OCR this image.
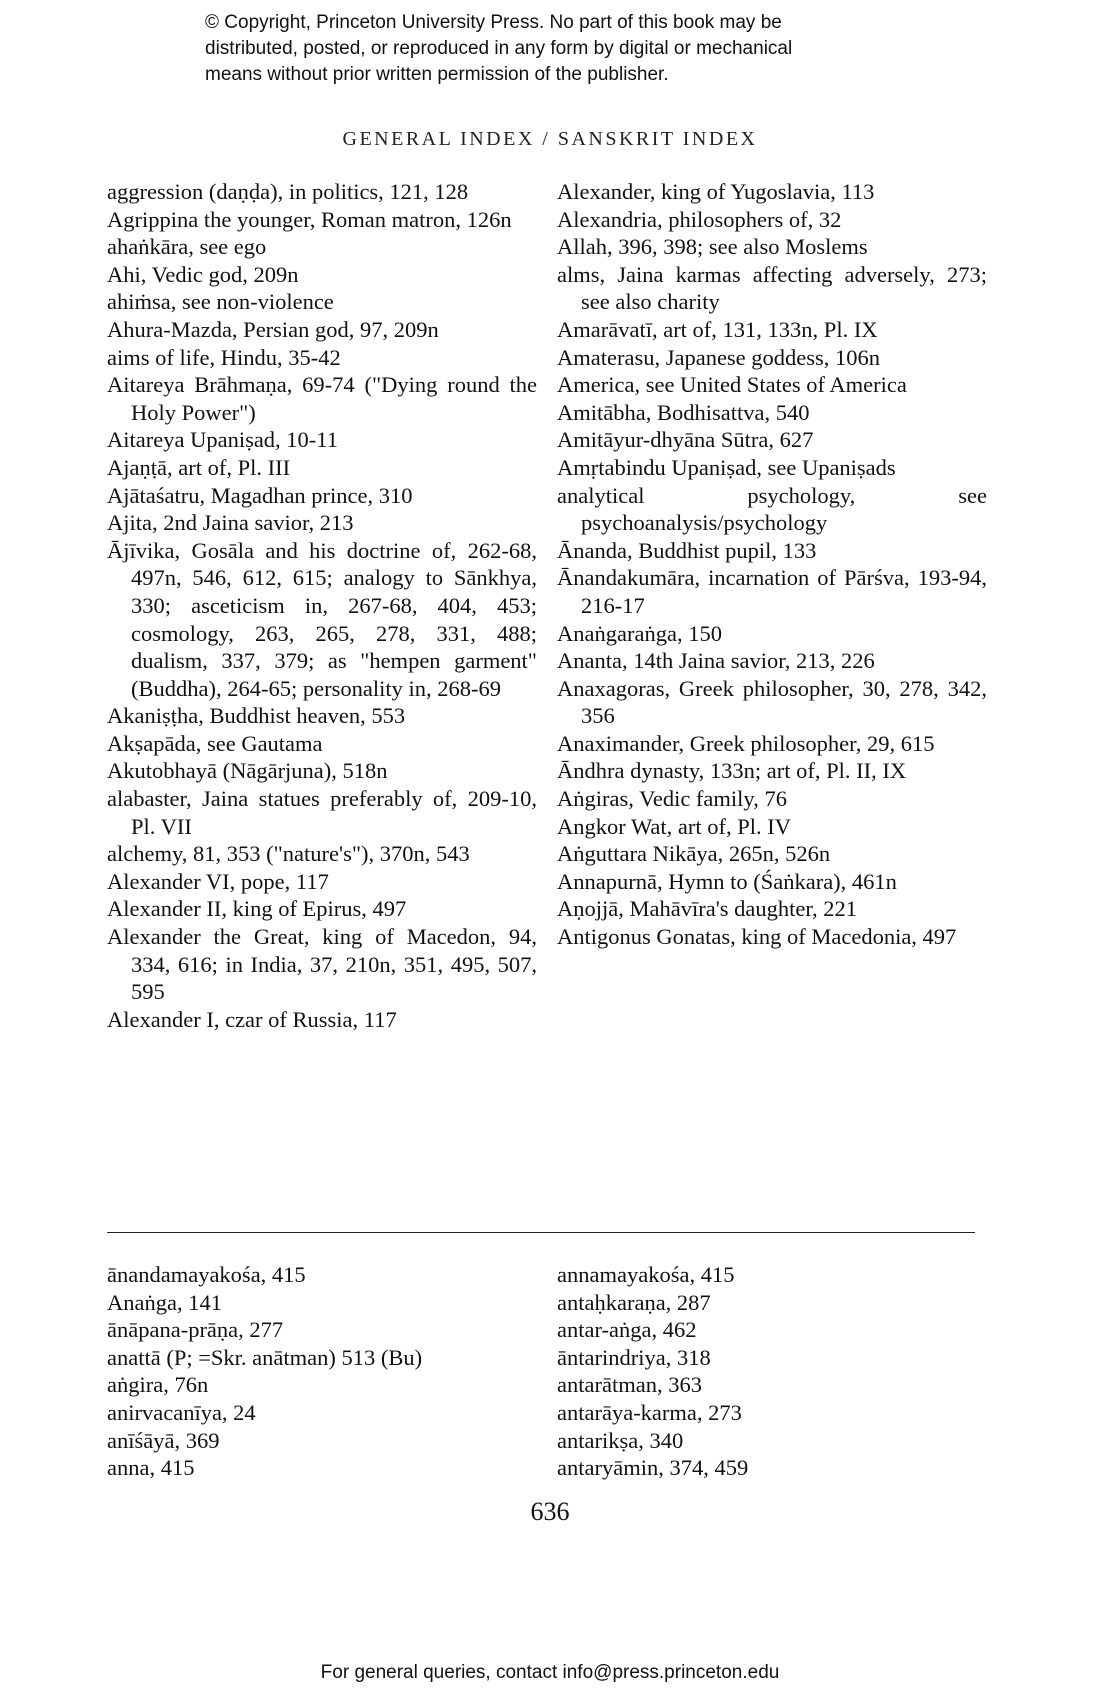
© Copyright, Princeton University Press. No part of this book may be
distributed, posted, or reproduced in any form by digital or mechanical
means without prior written permission of the publisher.
GENERAL INDEX / SANSKRIT INDEX
aggression (daṇḍa), in politics, 121, 128
Agrippina the younger, Roman matron, 126n
ahaṅkāra, see ego
Ahi, Vedic god, 209n
ahiṁsa, see non-violence
Ahura-Mazda, Persian god, 97, 209n
aims of life, Hindu, 35-42
Aitareya Brāhmaṇa, 69-74 ("Dying round the Holy Power")
Aitareya Upaniṣad, 10-11
Ajaṇṭā, art of, Pl. III
Ajātaśatru, Magadhan prince, 310
Ajita, 2nd Jaina savior, 213
Ājīvika, Gosāla and his doctrine of, 262-68, 497n, 546, 612, 615; analogy to Sānkhya, 330; asceticism in, 267-68, 404, 453; cosmology, 263, 265, 278, 331, 488; dualism, 337, 379; as "hempen garment" (Buddha), 264-65; personality in, 268-69
Akaniṣṭha, Buddhist heaven, 553
Akṣapāda, see Gautama
Akutobhayā (Nāgārjuna), 518n
alabaster, Jaina statues preferably of, 209-10, Pl. VII
alchemy, 81, 353 ("nature's"), 370n, 543
Alexander VI, pope, 117
Alexander II, king of Epirus, 497
Alexander the Great, king of Macedon, 94, 334, 616; in India, 37, 210n, 351, 495, 507, 595
Alexander I, czar of Russia, 117
Alexander, king of Yugoslavia, 113
Alexandria, philosophers of, 32
Allah, 396, 398; see also Moslems
alms, Jaina karmas affecting adversely, 273; see also charity
Amarāvatī, art of, 131, 133n, Pl. IX
Amaterasu, Japanese goddess, 106n
America, see United States of America
Amitābha, Bodhisattva, 540
Amitāyur-dhyāna Sūtra, 627
Amṛtabindu Upaniṣad, see Upaniṣads
analytical psychology, see psychoanalysis/psychology
Ānanda, Buddhist pupil, 133
Ānandakumāra, incarnation of Pārśva, 193-94, 216-17
Anaṅgaraṅga, 150
Ananta, 14th Jaina savior, 213, 226
Anaxagoras, Greek philosopher, 30, 278, 342, 356
Anaximander, Greek philosopher, 29, 615
Āndhra dynasty, 133n; art of, Pl. II, IX
Aṅgiras, Vedic family, 76
Angkor Wat, art of, Pl. IV
Aṅguttara Nikāya, 265n, 526n
Annapurnā, Hymn to (Śaṅkara), 461n
Aṇojjā, Mahāvīra's daughter, 221
Antigonus Gonatas, king of Macedonia, 497
ānandamayakośa, 415
Anaṅga, 141
ānāpana-prāṇa, 277
anattā (P; =Skr. anātman) 513 (Bu)
aṅgira, 76n
anirvacanīya, 24
anīśāyā, 369
anna, 415
annamayakośa, 415
antaḥkaraṇa, 287
antar-aṅga, 462
āntarindriya, 318
antarātman, 363
antarāya-karma, 273
antarikṣa, 340
antaryāmin, 374, 459
636
For general queries, contact info@press.princeton.edu
